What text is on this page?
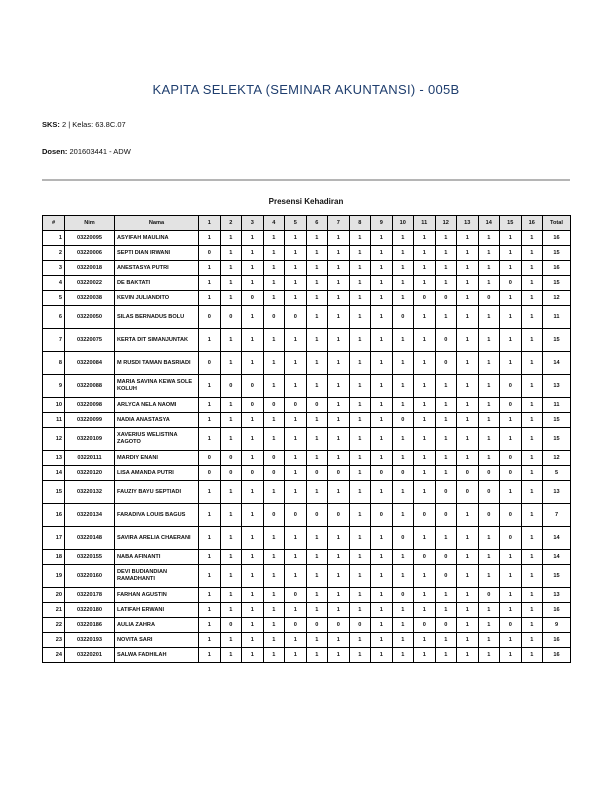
KAPITA SELEKTA (SEMINAR AKUNTANSI) - 005B
SKS: 2 | Kelas: 63.8C.07
Dosen: 201603441 - ADW
Presensi Kehadiran
#	Nim	Nama	1	2	3	4	5	6	7	8	9	10	11	12	13	14	15	16	Total
1	03220095	ASYIFAH MAULINA	1	1	1	1	1	1	1	1	1	1	1	1	1	1	1	1	16
2	03220006	SEPTI DIAN IRWANI	0	1	1	1	1	1	1	1	1	1	1	1	1	1	1	1	15
3	03220018	ANESTASYA PUTRI	1	1	1	1	1	1	1	1	1	1	1	1	1	1	1	1	16
4	03220022	DE BAKTATI	1	1	1	1	1	1	1	1	1	1	1	1	1	1	0	1	15
5	03220038	KEVIN JULIANDITO	1	1	0	1	1	1	1	1	1	1	0	0	1	0	1	1	12
6	03220050	SILAS BERNADUS BOLU	0	0	1	0	0	1	1	1	1	0	1	1	1	1	1	1	11
7	03220075	KERTA DIT SIMANJUNTAK	1	1	1	1	1	1	1	1	1	1	1	0	1	1	1	1	15
8	03220084	M RUSDI TAMAN BASRIADI	0	1	1	1	1	1	1	1	1	1	1	0	1	1	1	1	14
9	03220088	MARIA SAVINA KEWA SOLE KOLUH	1	0	0	1	1	1	1	1	1	1	1	1	1	1	0	1	13
10	03220098	ARLYCA NELA NAOMI	1	1	0	0	0	0	1	1	1	1	1	1	1	1	0	1	11
11	03220099	NADIA ANASTASYA	1	1	1	1	1	1	1	1	1	0	1	1	1	1	1	1	15
12	03220109	XAVERIUS WELISTINA ZAGOTO	1	1	1	1	1	1	1	1	1	1	1	1	1	1	1	1	15
13	03220111	MARDIY ENANI	0	0	1	0	1	1	1	1	1	1	1	1	1	1	0	1	12
14	03220120	LISA AMANDA PUTRI	0	0	0	0	1	0	0	1	0	0	1	1	0	0	0	1	5
15	03220132	FAUZIY BAYU SEPTIADI	1	1	1	1	1	1	1	1	1	1	1	0	0	0	1	1	13
16	03220134	FARADIVA LOUIS BAGUS	1	1	1	0	0	0	0	1	0	1	0	0	1	0	0	1	7
17	03220148	SAVIRA ARELIA CHAERANI	1	1	1	1	1	1	1	1	1	0	1	1	1	1	0	1	14
18	03220155	NABA AFINANTI	1	1	1	1	1	1	1	1	1	1	0	0	1	1	1	1	14
19	03220160	DEVI BUDIANDIAN RAMADHANTI	1	1	1	1	1	1	1	1	1	1	1	0	1	1	1	1	15
20	03220178	FARHAN AGUSTIN	1	1	1	1	0	1	1	1	1	0	1	1	1	0	1	1	13
21	03220180	LATIFAH ERWANI	1	1	1	1	1	1	1	1	1	1	1	1	1	1	1	1	16
22	03220186	AULIA ZAHRA	1	0	1	1	0	0	0	0	1	1	0	0	1	1	0	1	9
23	03220193	NOVITA SARI	1	1	1	1	1	1	1	1	1	1	1	1	1	1	1	1	16
24	03220201	SALWA FADHILAH	1	1	1	1	1	1	1	1	1	1	1	1	1	1	1	1	16
